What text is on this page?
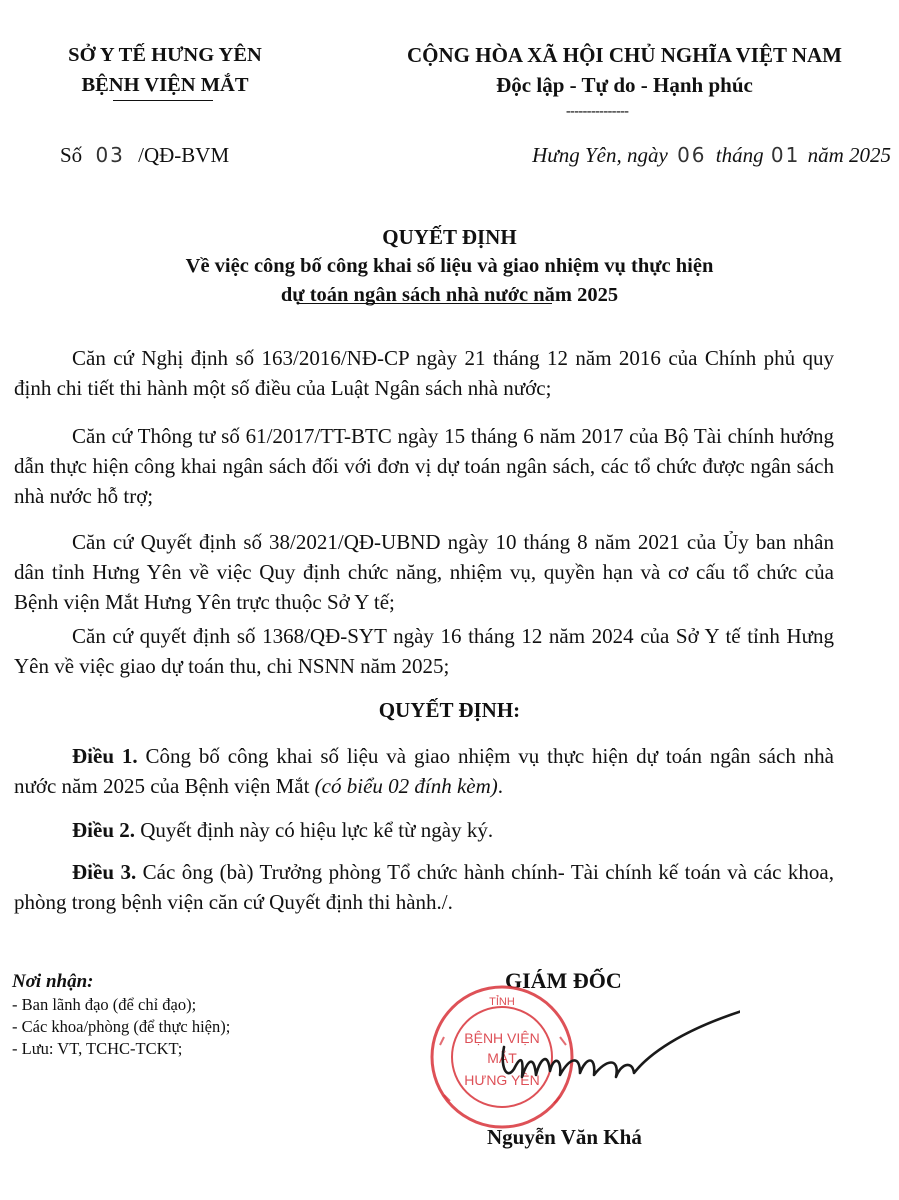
SỞ Y TẾ HƯNG YÊN
BỆNH VIỆN MẮT
CỘNG HÒA XÃ HỘI CHỦ NGHĨA VIỆT NAM
Độc lập - Tự do - Hạnh phúc
---------------
Số 03 /QĐ-BVM	Hưng Yên, ngày 06 tháng 01 năm 2025
QUYẾT ĐỊNH
Về việc công bố công khai số liệu và giao nhiệm vụ thực hiện
dự toán ngân sách nhà nước năm 2025
Căn cứ Nghị định số 163/2016/NĐ-CP ngày 21 tháng 12 năm 2016 của Chính phủ quy định chi tiết thi hành một số điều của Luật Ngân sách nhà nước;
Căn cứ Thông tư số 61/2017/TT-BTC ngày 15 tháng 6 năm 2017 của Bộ Tài chính hướng dẫn thực hiện công khai ngân sách đối với đơn vị dự toán ngân sách, các tổ chức được ngân sách nhà nước hỗ trợ;
Căn cứ Quyết định số 38/2021/QĐ-UBND ngày 10 tháng 8 năm 2021 của Ủy ban nhân dân tỉnh Hưng Yên về việc Quy định chức năng, nhiệm vụ, quyền hạn và cơ cấu tổ chức của Bệnh viện Mắt Hưng Yên trực thuộc Sở Y tế;
Căn cứ quyết định số 1368/QĐ-SYT ngày 16 tháng 12 năm 2024 của Sở Y tế tỉnh Hưng Yên về việc giao dự toán thu, chi NSNN năm 2025;
QUYẾT ĐỊNH:
Điều 1. Công bố công khai số liệu và giao nhiệm vụ thực hiện dự toán ngân sách nhà nước năm 2025 của Bệnh viện Mắt (có biểu 02 đính kèm).
Điều 2. Quyết định này có hiệu lực kể từ ngày ký.
Điều 3. Các ông (bà) Trưởng phòng Tổ chức hành chính- Tài chính kế toán và các khoa, phòng trong bệnh viện căn cứ Quyết định thi hành./.
Nơi nhận:
- Ban lãnh đạo (để chỉ đạo);
- Các khoa/phòng (để thực hiện);
- Lưu: VT, TCHC-TCKT;
GIÁM ĐỐC
TỈNH
BỆNH VIỆN
MẮT
HƯNG YÊN
Nguyễn Văn Khá
